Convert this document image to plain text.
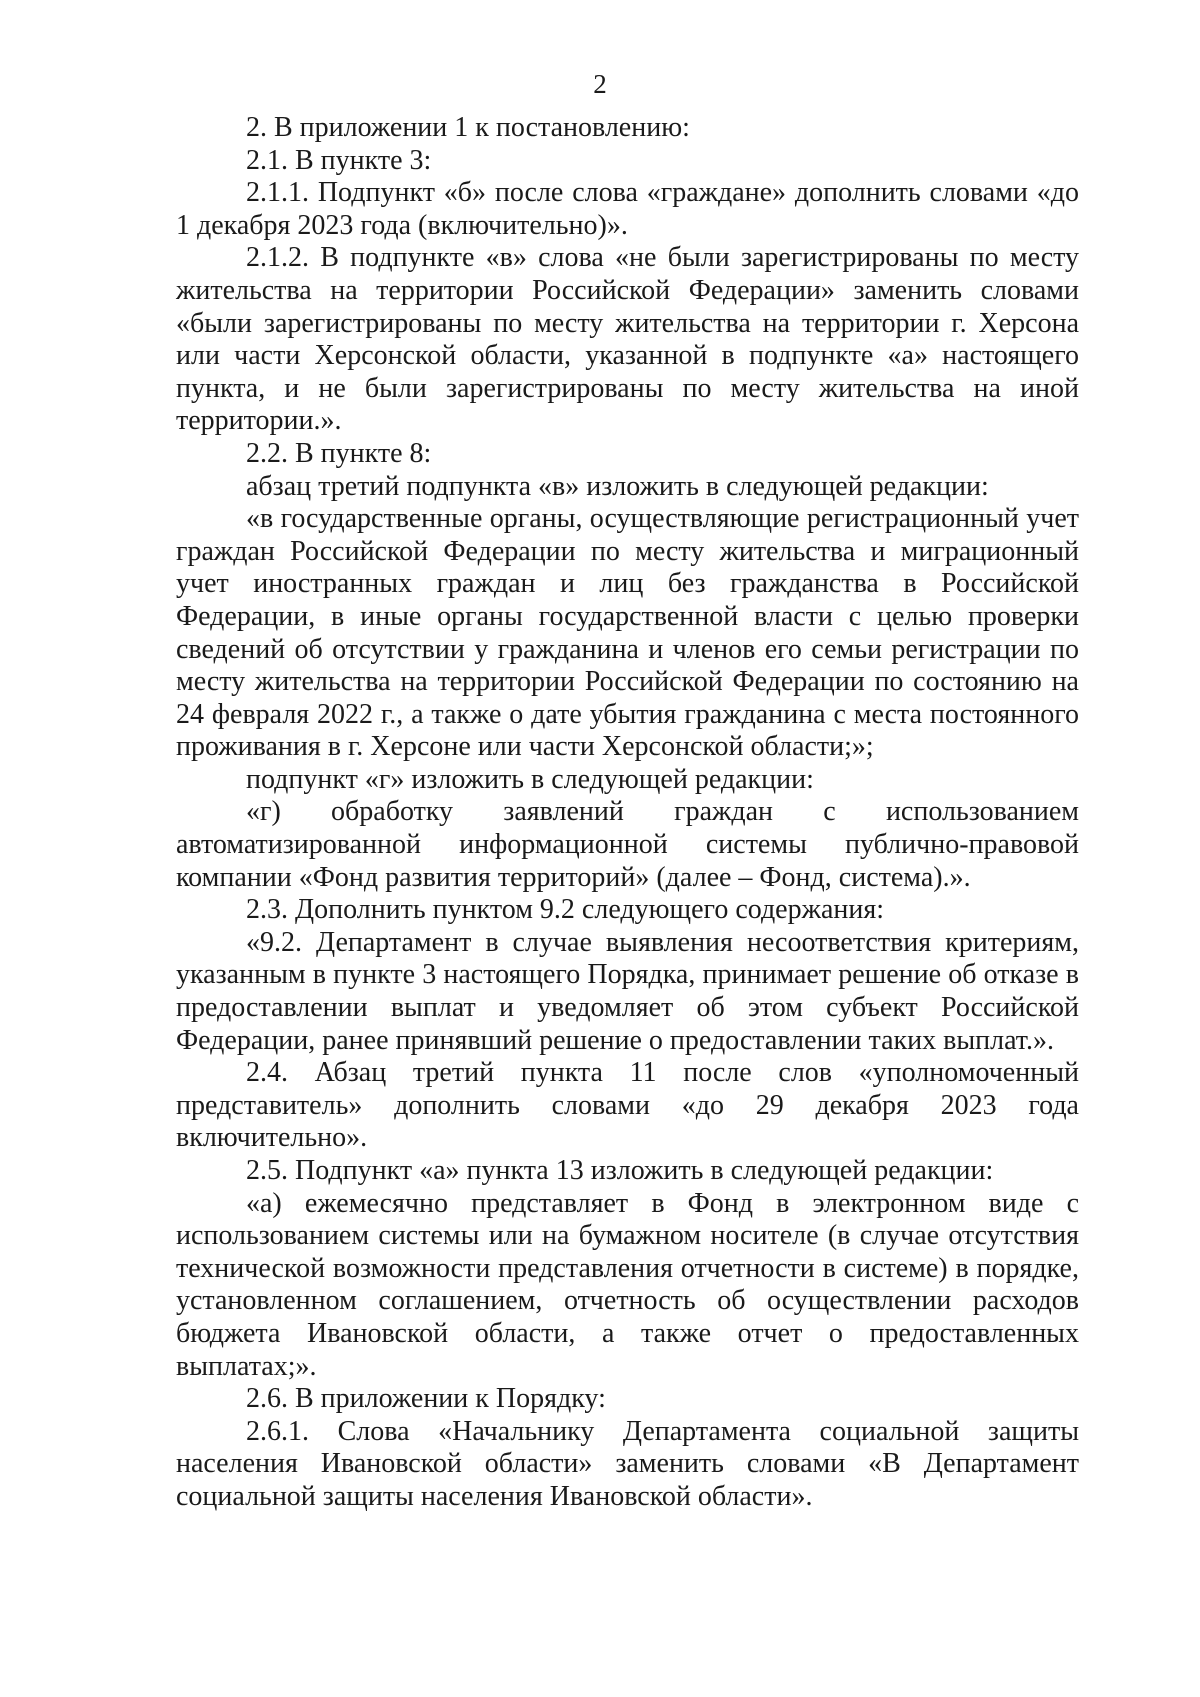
2

2. В приложении 1 к постановлению:

2.1. В пункте 3:

2.1.1. Подпункт «б» после слова «граждане» дополнить словами «до 1 декабря 2023 года (включительно)».

2.1.2. В подпункте «в» слова «не были зарегистрированы по месту жительства на территории Российской Федерации» заменить словами «были зарегистрированы по месту жительства на территории г. Херсона или части Херсонской области, указанной в подпункте «а» настоящего пункта, и не были зарегистрированы по месту жительства на иной территории.».

2.2. В пункте 8:

абзац третий подпункта «в» изложить в следующей редакции:

«в государственные органы, осуществляющие регистрационный учет граждан Российской Федерации по месту жительства и миграционный учет иностранных граждан и лиц без гражданства в Российской Федерации, в иные органы государственной власти с целью проверки сведений об отсутствии у гражданина и членов его семьи регистрации по месту жительства на территории Российской Федерации по состоянию на 24 февраля 2022 г., а также о дате убытия гражданина с места постоянного проживания в г. Херсоне или части Херсонской области;»;

подпункт «г» изложить в следующей редакции:

«г) обработку заявлений граждан с использованием автоматизированной информационной системы публично-правовой компании «Фонд развития территорий» (далее – Фонд, система).».

2.3. Дополнить пунктом 9.2 следующего содержания:

«9.2. Департамент в случае выявления несоответствия критериям, указанным в пункте 3 настоящего Порядка, принимает решение об отказе в предоставлении выплат и уведомляет об этом субъект Российской Федерации, ранее принявший решение о предоставлении таких выплат.».

2.4. Абзац третий пункта 11 после слов «уполномоченный представитель» дополнить словами «до 29 декабря 2023 года включительно».

2.5. Подпункт «а» пункта 13 изложить в следующей редакции:

«а) ежемесячно представляет в Фонд в электронном виде с использованием системы или на бумажном носителе (в случае отсутствия технической возможности представления отчетности в системе) в порядке, установленном соглашением, отчетность об осуществлении расходов бюджета Ивановской области, а также отчет о предоставленных выплатах;».

2.6. В приложении к Порядку:

2.6.1. Слова «Начальнику Департамента социальной защиты населения Ивановской области» заменить словами «В Департамент социальной защиты населения Ивановской области».
